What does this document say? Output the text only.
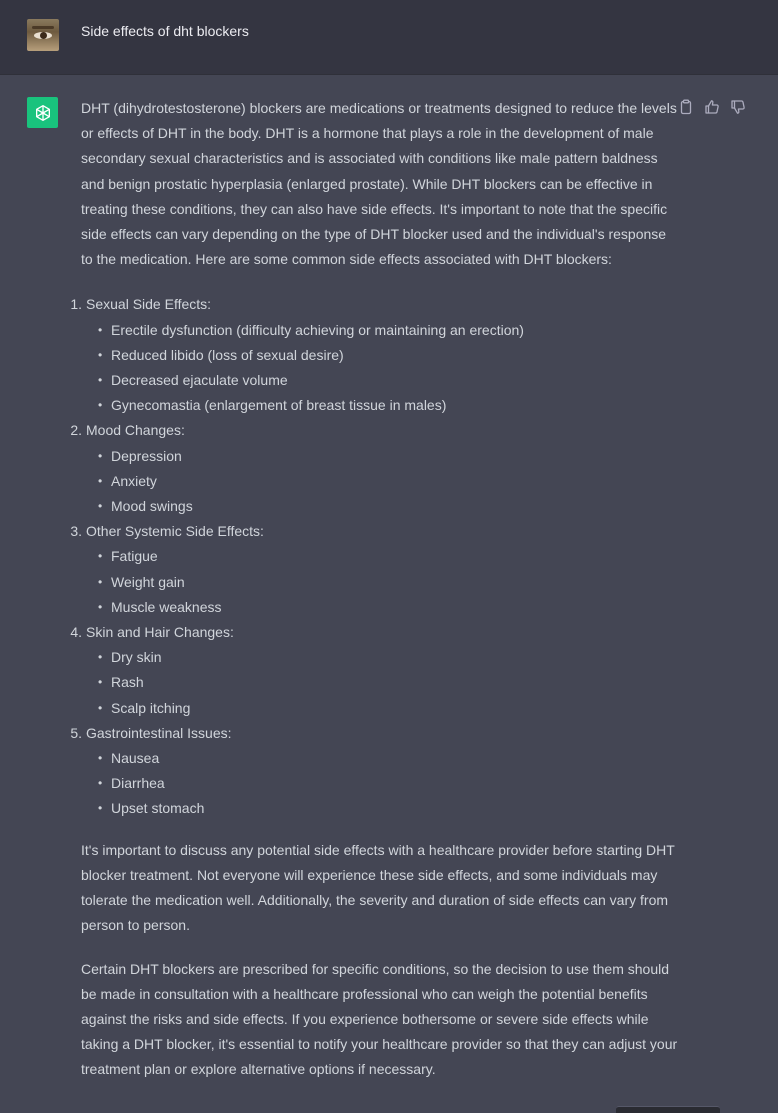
Side effects of dht blockers

DHT (dihydrotestosterone) blockers are medications or treatments designed to reduce the levels or effects of DHT in the body. DHT is a hormone that plays a role in the development of male secondary sexual characteristics and is associated with conditions like male pattern baldness and benign prostatic hyperplasia (enlarged prostate). While DHT blockers can be effective in treating these conditions, they can also have side effects. It's important to note that the specific side effects can vary depending on the type of DHT blocker used and the individual's response to the medication. Here are some common side effects associated with DHT blockers:

1. Sexual Side Effects:
• Erectile dysfunction (difficulty achieving or maintaining an erection)
• Reduced libido (loss of sexual desire)
• Decreased ejaculate volume
• Gynecomastia (enlargement of breast tissue in males)
2. Mood Changes:
• Depression
• Anxiety
• Mood swings
3. Other Systemic Side Effects:
• Fatigue
• Weight gain
• Muscle weakness
4. Skin and Hair Changes:
• Dry skin
• Rash
• Scalp itching
5. Gastrointestinal Issues:
• Nausea
• Diarrhea
• Upset stomach

It's important to discuss any potential side effects with a healthcare provider before starting DHT blocker treatment. Not everyone will experience these side effects, and some individuals may tolerate the medication well. Additionally, the severity and duration of side effects can vary from person to person.

Certain DHT blockers are prescribed for specific conditions, so the decision to use them should be made in consultation with a healthcare professional who can weigh the potential benefits against the risks and side effects. If you experience bothersome or severe side effects while taking a DHT blocker, it's essential to notify your healthcare provider so that they can adjust your treatment plan or explore alternative options if necessary.
